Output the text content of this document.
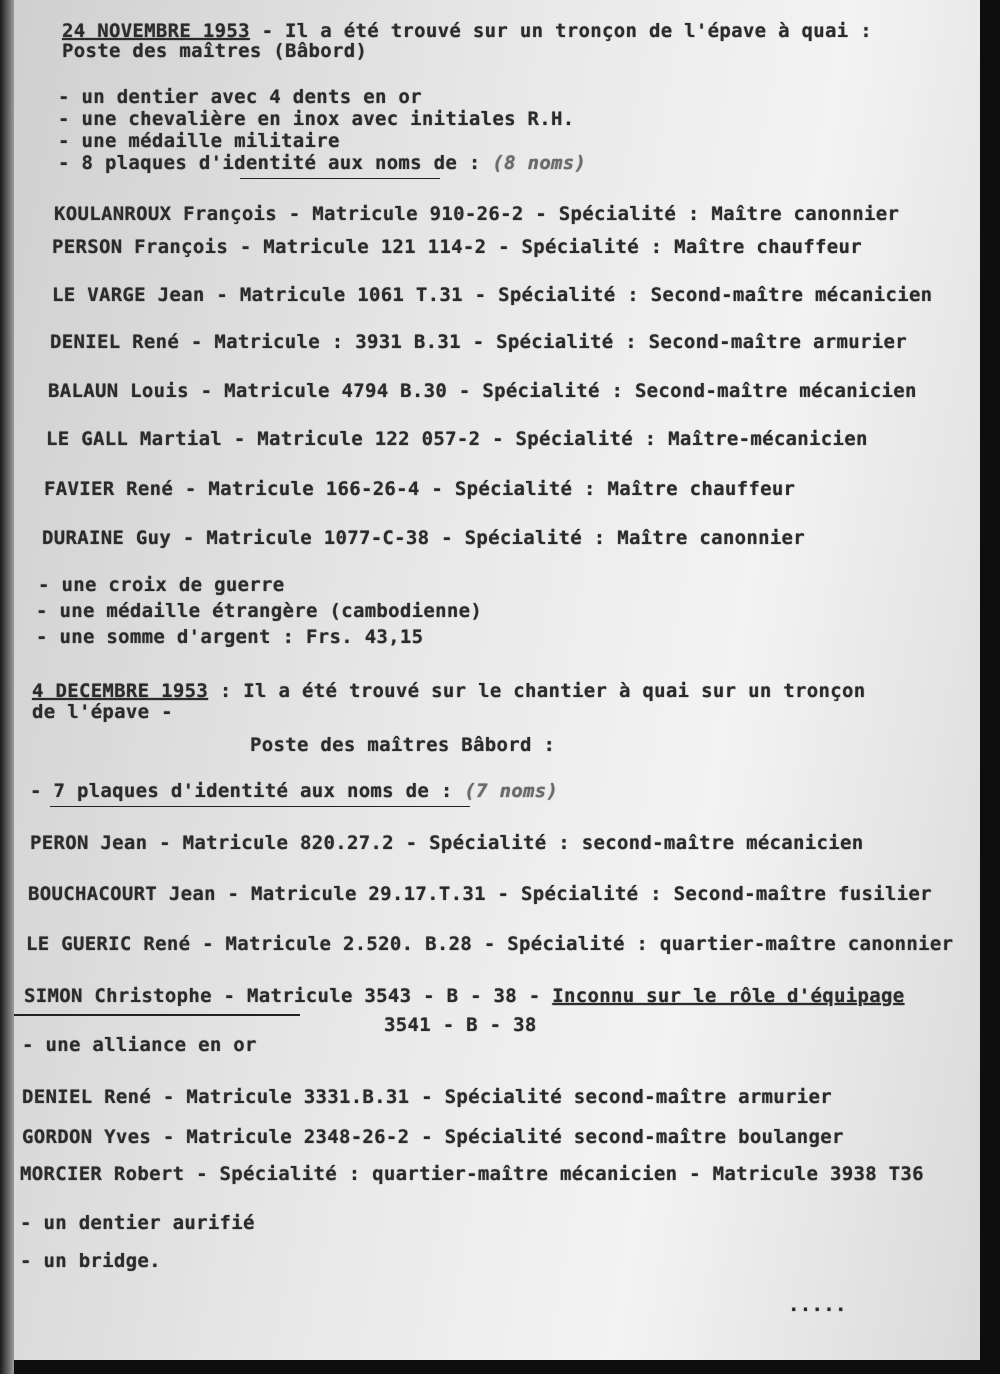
24 NOVEMBRE 1953 - Il a été trouvé sur un tronçon de l'épave à quai :
Poste des maîtres (Bâbord)
- un dentier avec 4 dents en or
- une chevalière en inox avec initiales R.H.
- une médaille militaire
- 8 plaques d'identité aux noms de : (8 noms)
KOULANROUX François - Matricule 910-26-2 - Spécialité : Maître canonnier
PERSON François - Matricule 121 114-2 - Spécialité : Maître chauffeur
LE VARGE Jean - Matricule 1061 T.31 - Spécialité : Second-maître mécanicien
DENIEL René - Matricule : 3931 B.31 - Spécialité : Second-maître armurier
BALAUN Louis - Matricule 4794 B.30 - Spécialité : Second-maître mécanicien
LE GALL Martial - Matricule 122 057-2 - Spécialité : Maître-mécanicien
FAVIER René - Matricule 166-26-4 - Spécialité : Maître chauffeur
DURAINE Guy - Matricule 1077-C-38 - Spécialité : Maître canonnier
- une croix de guerre
- une médaille étrangère (cambodienne)
- une somme d'argent : Frs. 43,15
4 DECEMBRE 1953 : Il a été trouvé sur le chantier à quai sur un tronçon
de l'épave -
Poste des maîtres Bâbord :
- 7 plaques d'identité aux noms de : (7 noms)
PERON Jean - Matricule 820.27.2 - Spécialité : second-maître mécanicien
BOUCHACOURT Jean - Matricule 29.17.T.31 - Spécialité : Second-maître fusilier
LE GUERIC René - Matricule 2.520. B.28 - Spécialité : quartier-maître canonnier
SIMON Christophe - Matricule 3543 - B - 38 - Inconnu sur le rôle d'équipage
3541 - B - 38
- une alliance en or
DENIEL René - Matricule 3331.B.31 - Spécialité second-maître armurier
GORDON Yves - Matricule 2348-26-2 - Spécialité second-maître boulanger
MORCIER Robert - Spécialité : quartier-maître mécanicien - Matricule 3938 T36
- un dentier aurifié
- un bridge.
.....
